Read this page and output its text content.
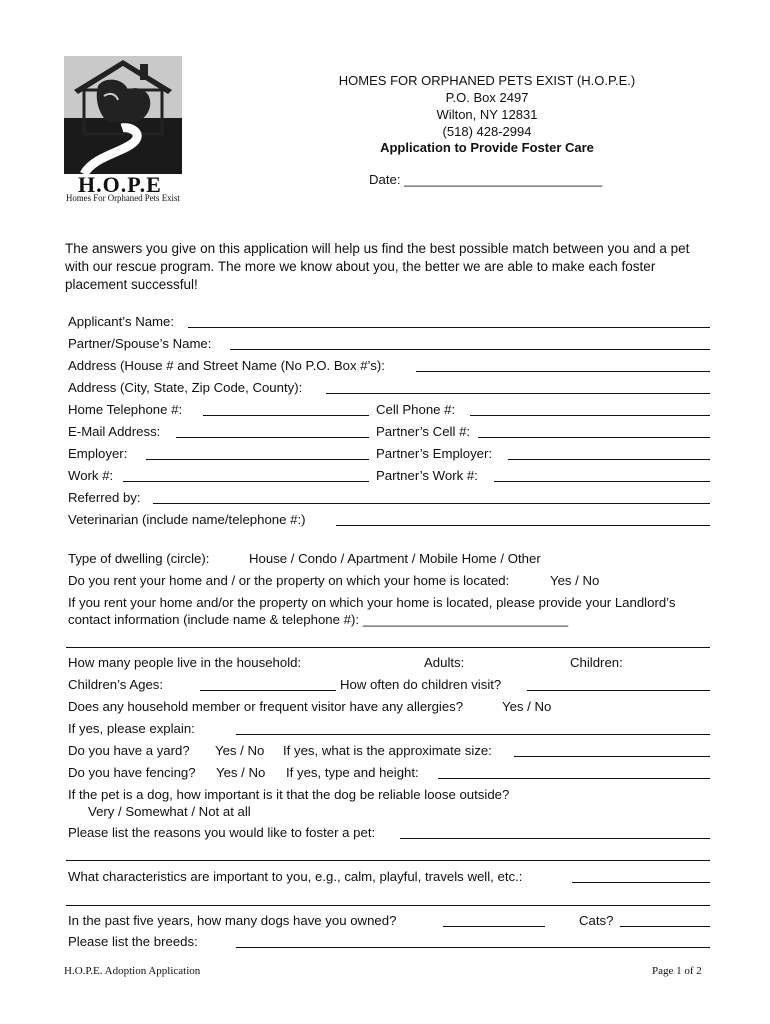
H.O.P.E
Homes For Orphaned Pets Exist
HOMES FOR ORPHANED PETS EXIST (H.O.P.E.)
P.O. Box 2497
Wilton, NY 12831
(518) 428-2994
Application to Provide Foster Care
Date: ___________________________
The answers you give on this application will help us find the best possible match between you and a pet with our rescue program. The more we know about you, the better we are able to make each foster placement successful!
Applicant’s Name:
Partner/Spouse’s Name:
Address (House # and Street Name (No P.O. Box #’s):
Address (City, State, Zip Code, County):
Home Telephone #:	Cell Phone #:
E-Mail Address:	Partner’s Cell #:
Employer:	Partner’s Employer:
Work #:	Partner’s Work #:
Referred by:
Veterinarian (include name/telephone #:)
Type of dwelling (circle):	House / Condo / Apartment / Mobile Home / Other
Do you rent your home and / or the property on which your home is located:	Yes / No
If you rent your home and/or the property on which your home is located, please provide your Landlord’s
contact information (include name & telephone #): ____________________________
How many people live in the household:	Adults:	Children:
Children’s Ages:	How often do children visit?
Does any household member or frequent visitor have any allergies?	Yes / No
If yes, please explain:
Do you have a yard? Yes / No If yes, what is the approximate size:
Do you have fencing? Yes / No If yes, type and height:
If the pet is a dog, how important is it that the dog be reliable loose outside?
Very / Somewhat / Not at all
Please list the reasons you would like to foster a pet:
What characteristics are important to you, e.g., calm, playful, travels well, etc.:
In the past five years, how many dogs have you owned?	Cats?
Please list the breeds:
H.O.P.E. Adoption Application	Page 1 of 2
